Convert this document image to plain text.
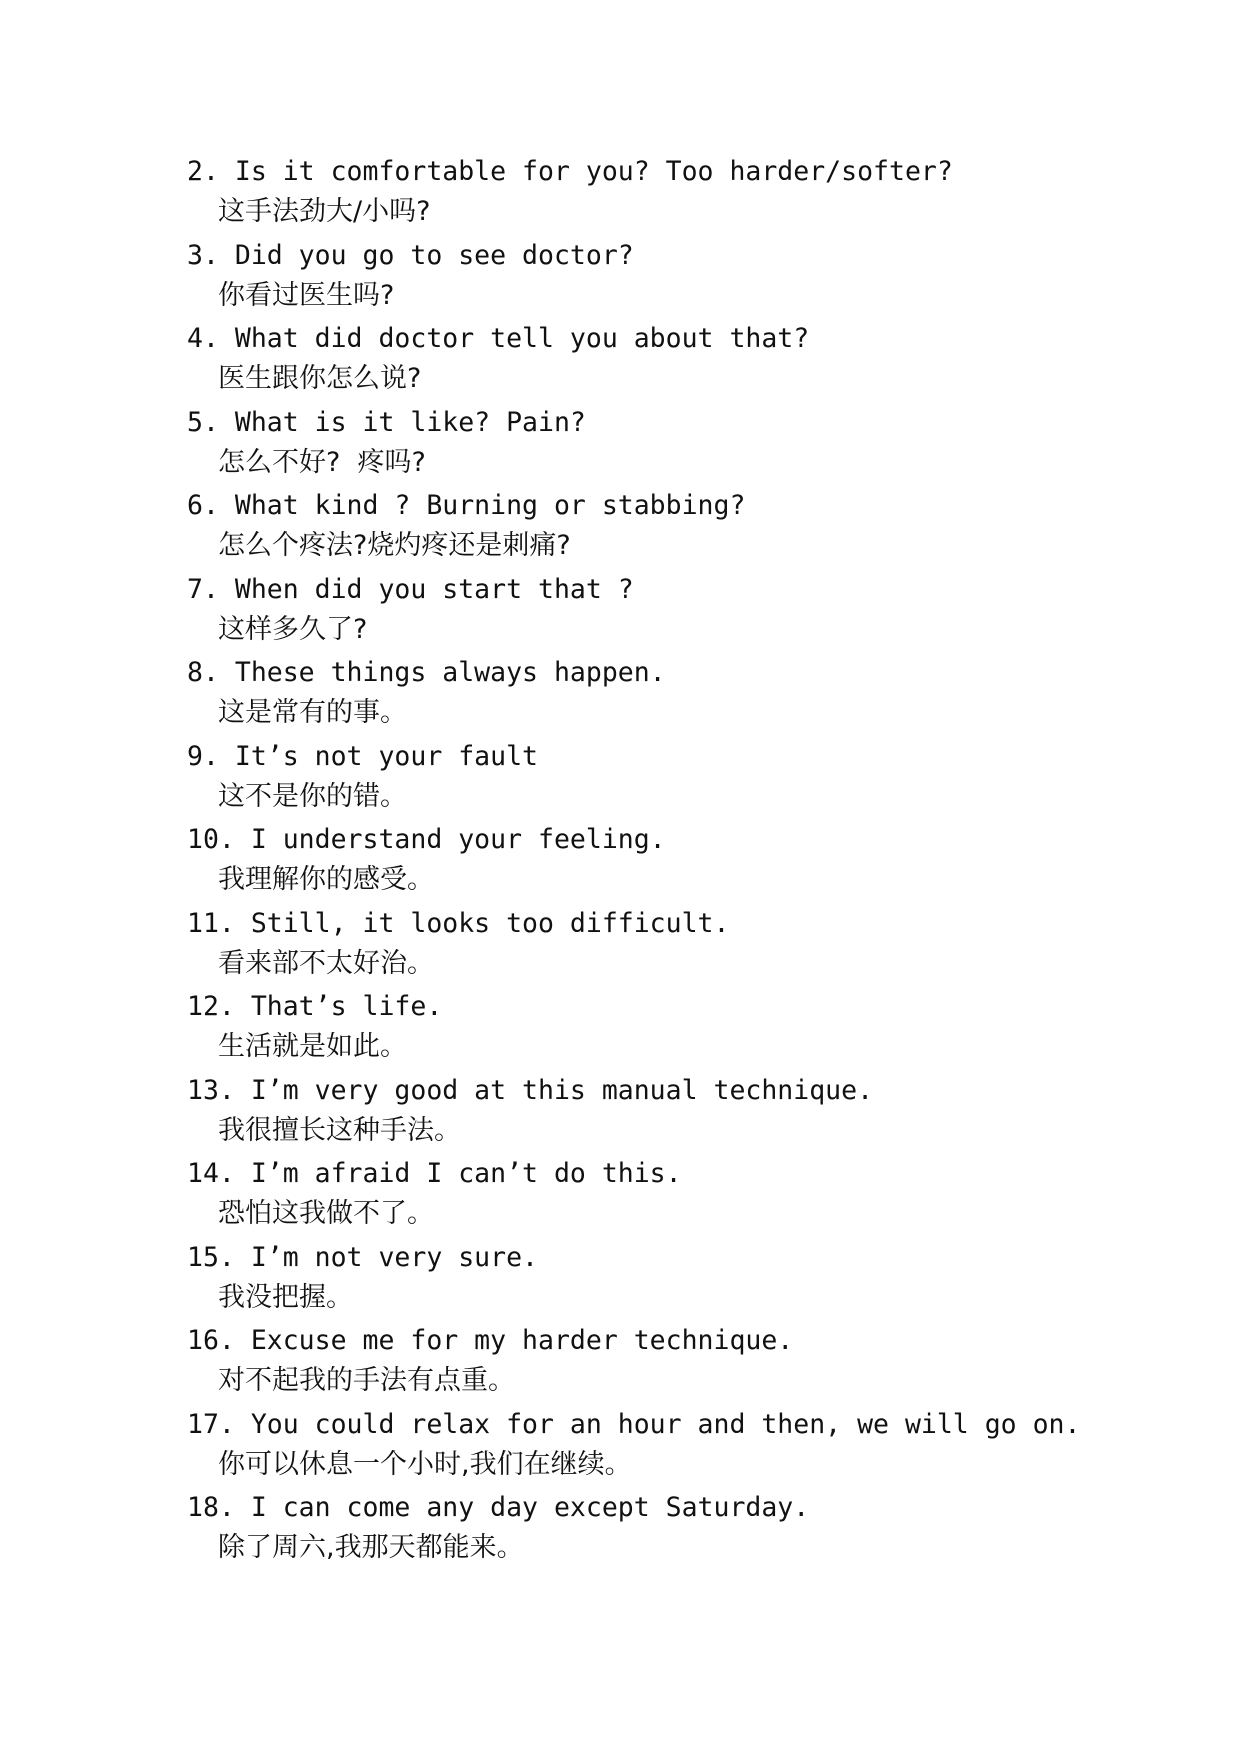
2. Is it comfortable for you? Too harder/softer?
这手法劲大/小吗?
3. Did you go to see doctor?
你看过医生吗?
4. What did doctor tell you about that?
医生跟你怎么说?
5. What is it like? Pain?
怎么不好?  疼吗?
6. What kind ? Burning or stabbing?
怎么个疼法?烧灼疼还是刺痛?
7. When did you start that ?
这样多久了?
8. These things always happen.
这是常有的事。
9. It’s not your fault
这不是你的错。
10. I understand your feeling.
我理解你的感受。
11. Still, it looks too difficult.
看来部不太好治。
12. That’s life.
生活就是如此。
13. I’m very good at this manual technique.
我很擅长这种手法。
14. I’m afraid I can’t do this.
恐怕这我做不了。
15. I’m not very sure.
我没把握。
16. Excuse me for my harder technique.
对不起我的手法有点重。
17. You could relax for an hour and then, we will go on.
你可以休息一个小时,我们在继续。
18. I can come any day except Saturday.
除了周六,我那天都能来。
